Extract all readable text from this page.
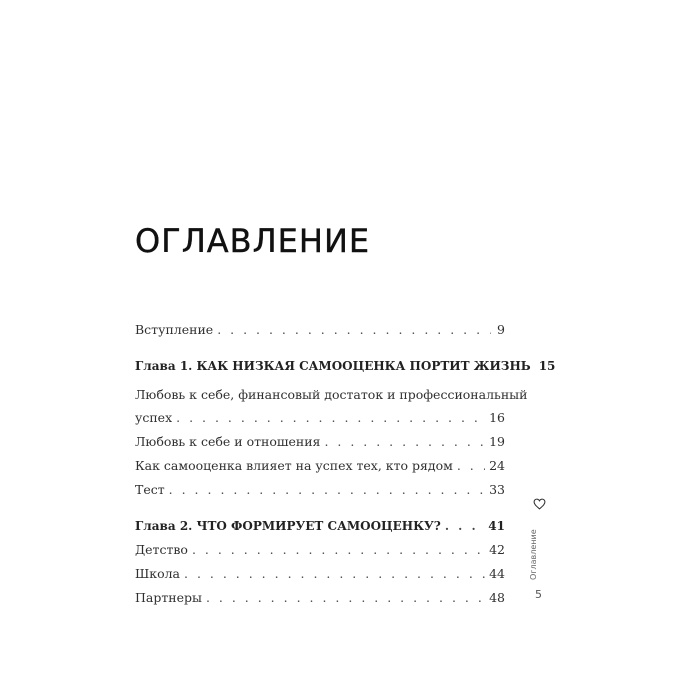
ОГЛАВЛЕНИЕ
Вступление . . .	9
Глава 1. КАК НИЗКАЯ САМООЦЕНКА ПОРТИТ ЖИЗНЬ 15
Любовь к себе, финансовый достаток и профессиональный
успех . . .	16
Любовь к себе и отношения . . .	19
Как самооценка влияет на успех тех, кто рядом . . .	24
Тест . . .	33
Глава 2. ЧТО ФОРМИРУЕТ САМООЦЕНКУ? . . .	41
Детство . . .	42
Школа . . .	44
Партнеры . . .	48
Оглавление
5
